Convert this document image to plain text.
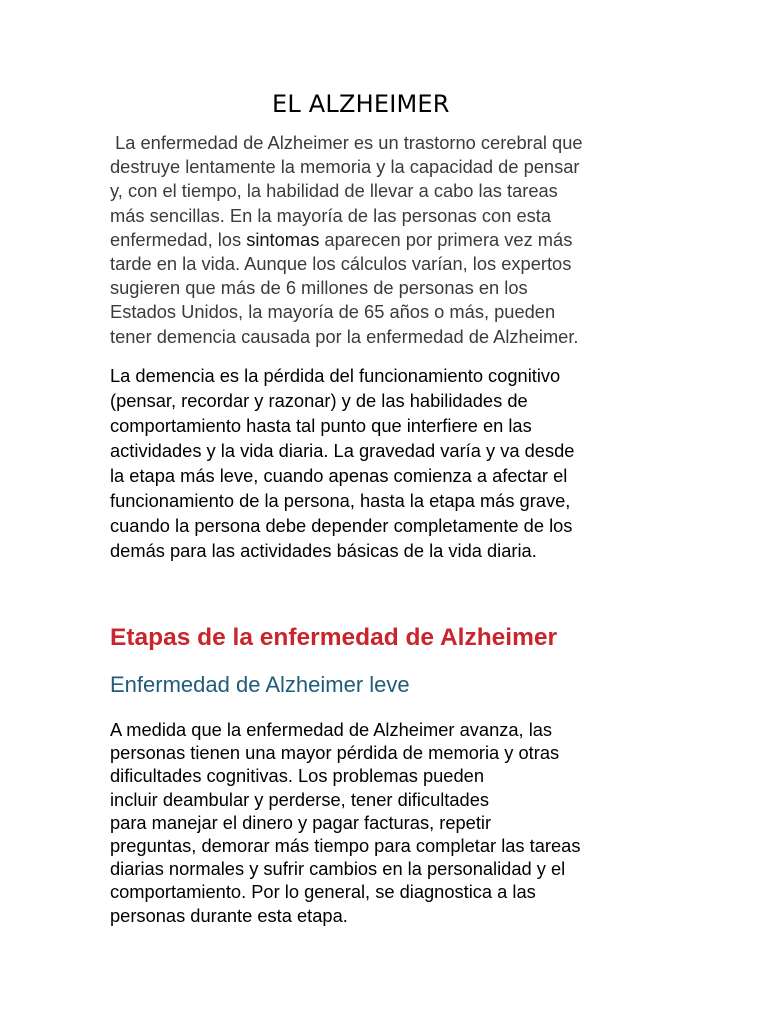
EL ALZHEIMER

La enfermedad de Alzheimer es un trastorno cerebral que
destruye lentamente la memoria y la capacidad de pensar
y, con el tiempo, la habilidad de llevar a cabo las tareas
más sencillas. En la mayoría de las personas con esta
enfermedad, los sintomas aparecen por primera vez más
tarde en la vida. Aunque los cálculos varían, los expertos
sugieren que más de 6 millones de personas en los
Estados Unidos, la mayoría de 65 años o más, pueden
tener demencia causada por la enfermedad de Alzheimer.

La demencia es la pérdida del funcionamiento cognitivo
(pensar, recordar y razonar) y de las habilidades de
comportamiento hasta tal punto que interfiere en las
actividades y la vida diaria. La gravedad varía y va desde
la etapa más leve, cuando apenas comienza a afectar el
funcionamiento de la persona, hasta la etapa más grave,
cuando la persona debe depender completamente de los
demás para las actividades básicas de la vida diaria.

Etapas de la enfermedad de Alzheimer
Enfermedad de Alzheimer leve

A medida que la enfermedad de Alzheimer avanza, las
personas tienen una mayor pérdida de memoria y otras
dificultades cognitivas. Los problemas pueden
incluir deambular y perderse, tener dificultades
para manejar el dinero y pagar facturas, repetir
preguntas, demorar más tiempo para completar las tareas
diarias normales y sufrir cambios en la personalidad y el
comportamiento. Por lo general, se diagnostica a las
personas durante esta etapa.
